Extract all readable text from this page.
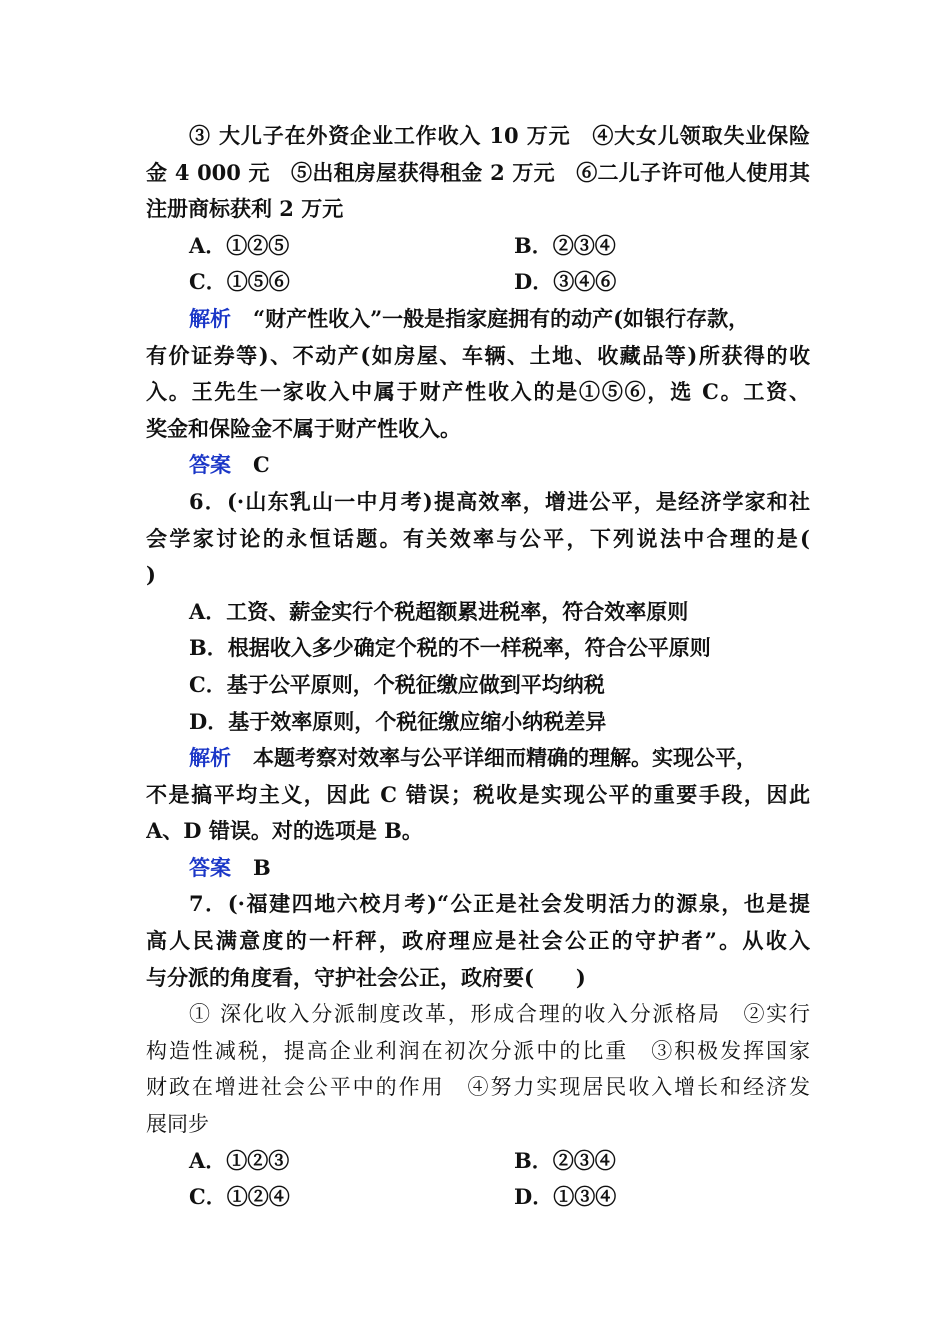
③ 大儿子在外资企业工作收入 10 万元　④大女儿领取失业保险
金 4 000 元　⑤出租房屋获得租金 2 万元　⑥二儿子许可他人使用其
注册商标获利 2 万元
A．①②⑤	B．②③④
C．①⑤⑥	D．③④⑥
解析 “财产性收入”一般是指家庭拥有的动产(如银行存款，
有价证券等)、不动产(如房屋、车辆、土地、收藏品等)所获得的收
入。王先生一家收入中属于财产性收入的是①⑤⑥，选 C。工资、
奖金和保险金不属于财产性收入。
答案 C
6．(·山东乳山一中月考)提高效率，增进公平，是经济学家和社
会学家讨论的永恒话题。有关效率与公平，下列说法中合理的是(
)
A．工资、薪金实行个税超额累进税率，符合效率原则
B．根据收入多少确定个税的不一样税率，符合公平原则
C．基于公平原则，个税征缴应做到平均纳税
D．基于效率原则，个税征缴应缩小纳税差异
解析 本题考察对效率与公平详细而精确的理解。实现公平，
不是搞平均主义，因此 C 错误；税收是实现公平的重要手段，因此
A、D 错误。对的选项是 B。
答案 B
7．(·福建四地六校月考)“公正是社会发明活力的源泉，也是提
高人民满意度的一杆秤，政府理应是社会公正的守护者”。从收入
与分派的角度看，守护社会公正，政府要(　　)
① 深化收入分派制度改革，形成合理的收入分派格局　②实行
构造性减税，提高企业利润在初次分派中的比重　③积极发挥国家
财政在增进社会公平中的作用　④努力实现居民收入增长和经济发
展同步
A．①②③	B．②③④
C．①②④	D．①③④
